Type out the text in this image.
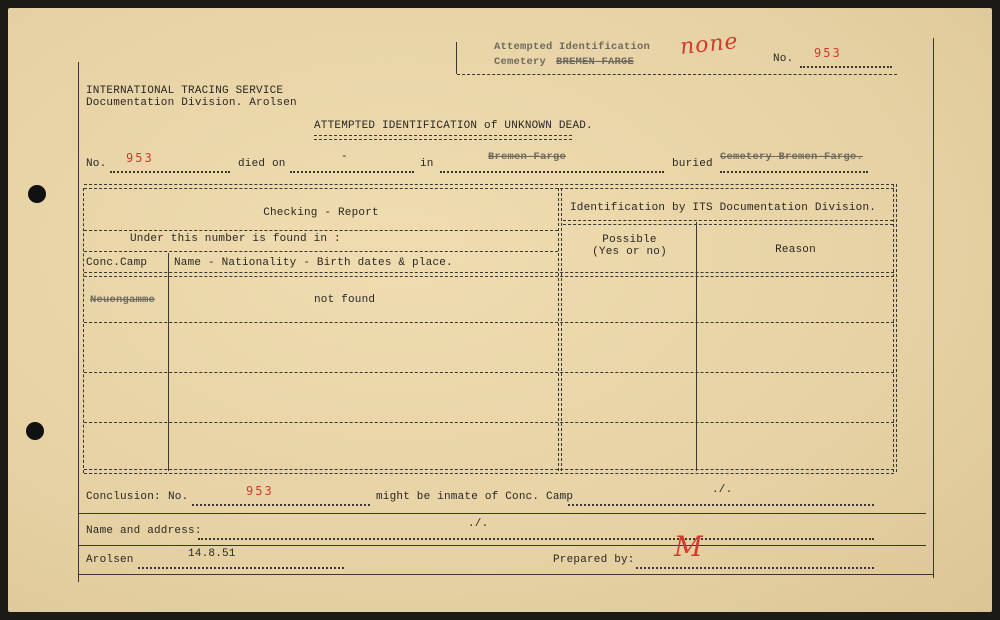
Attempted Identification
Cemetery BREMEN-FARGE
none	No. 953
INTERNATIONAL TRACING SERVICE
Documentation Division. Arolsen
ATTEMPTED IDENTIFICATION of UNKNOWN DEAD.
No. 953	died on
-
in
Bremen-Farge
buried
Cemetery Bremen-Farge.
Checking - Report	Identification by ITS Documentation Division.
Under this number is found in :
Conc.Camp Name - Nationality - Birth dates & place.
Possible
(Yes or no)	Reason
Neuengamme	not found
Conclusion: No.	953	might be inmate of Conc. Camp
./.
Name and address:
./.
Arolsen	14.8.51	Prepared by: M
